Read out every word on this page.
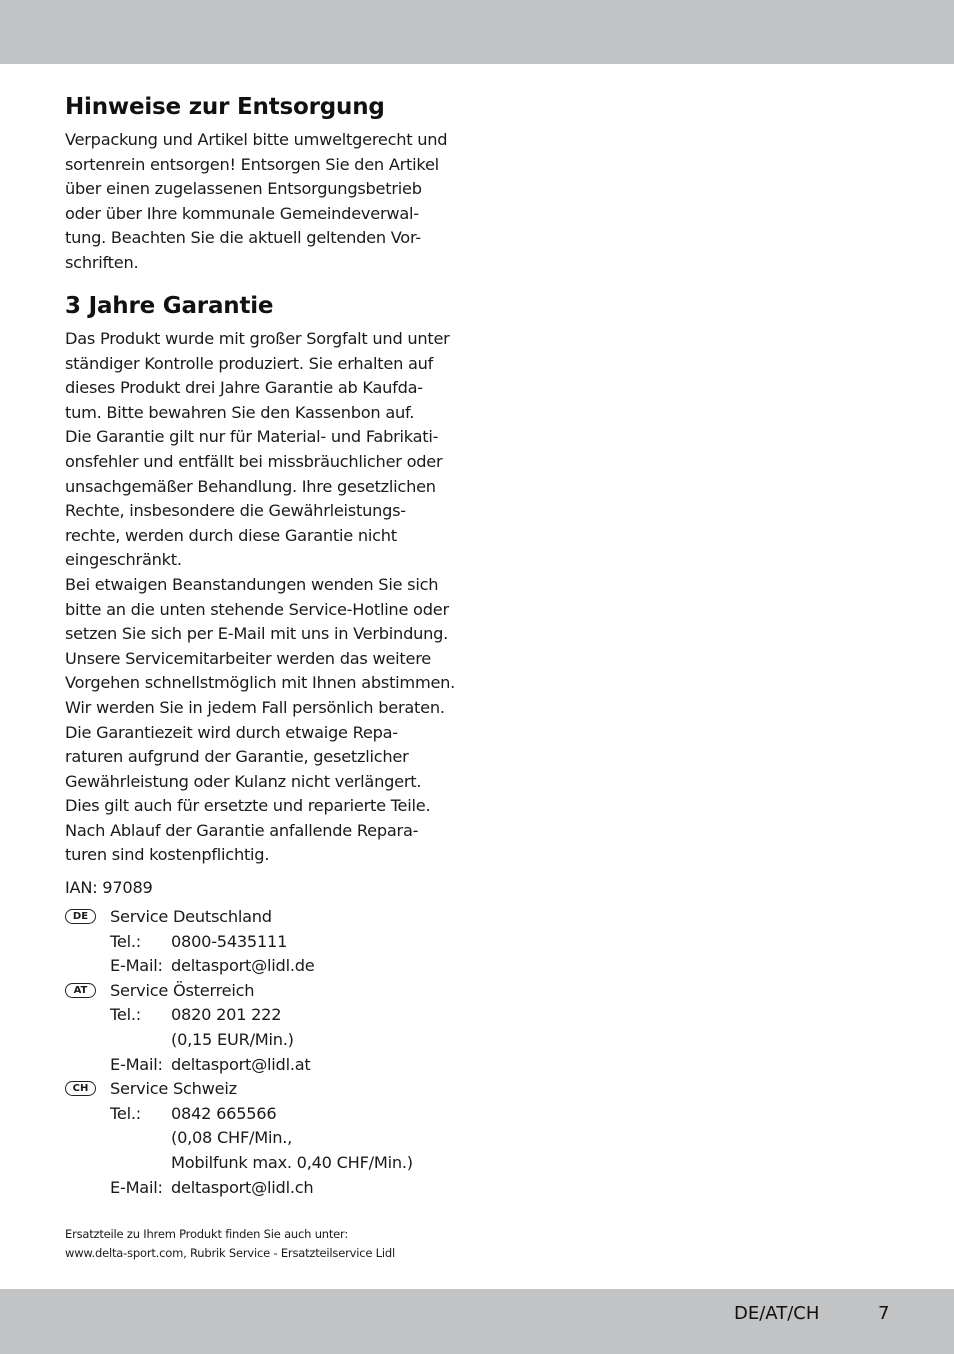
Hinweise zur Entsorgung

Verpackung und Artikel bitte umweltgerecht und
sortenrein entsorgen! Entsorgen Sie den Artikel
über einen zugelassenen Entsorgungsbetrieb
oder über Ihre kommunale Gemeindeverwal-
tung. Beachten Sie die aktuell geltenden Vor-
schriften.

3 Jahre Garantie

Das Produkt wurde mit großer Sorgfalt und unter
ständiger Kontrolle produziert. Sie erhalten auf
dieses Produkt drei Jahre Garantie ab Kaufda-
tum. Bitte bewahren Sie den Kassenbon auf.
Die Garantie gilt nur für Material- und Fabrikati-
onsfehler und entfällt bei missbräuchlicher oder
unsachgemäßer Behandlung. Ihre gesetzlichen
Rechte, insbesondere die Gewährleistungs-
rechte, werden durch diese Garantie nicht
eingeschränkt.
Bei etwaigen Beanstandungen wenden Sie sich
bitte an die unten stehende Service-Hotline oder
setzen Sie sich per E-Mail mit uns in Verbindung.
Unsere Servicemitarbeiter werden das weitere
Vorgehen schnellstmöglich mit Ihnen abstimmen.
Wir werden Sie in jedem Fall persönlich beraten.
Die Garantiezeit wird durch etwaige Repa-
raturen aufgrund der Garantie, gesetzlicher
Gewährleistung oder Kulanz nicht verlängert.
Dies gilt auch für ersetzte und reparierte Teile.
Nach Ablauf der Garantie anfallende Repara-
turen sind kostenpflichtig.

IAN: 97089
DE	Service Deutschland
Tel.: 0800-5435111
E-Mail: deltasport@lidl.de
AT	Service Österreich
Tel.: 0820 201 222
(0,15 EUR/Min.)
E-Mail: deltasport@lidl.at
CH	Service Schweiz
Tel.: 0842 665566
(0,08 CHF/Min.,
Mobilfunk max. 0,40 CHF/Min.)
E-Mail: deltasport@lidl.ch
Ersatzteile zu Ihrem Produkt finden Sie auch unter:
www.delta-sport.com, Rubrik Service - Ersatzteilservice Lidl
DE/AT/CH	7
